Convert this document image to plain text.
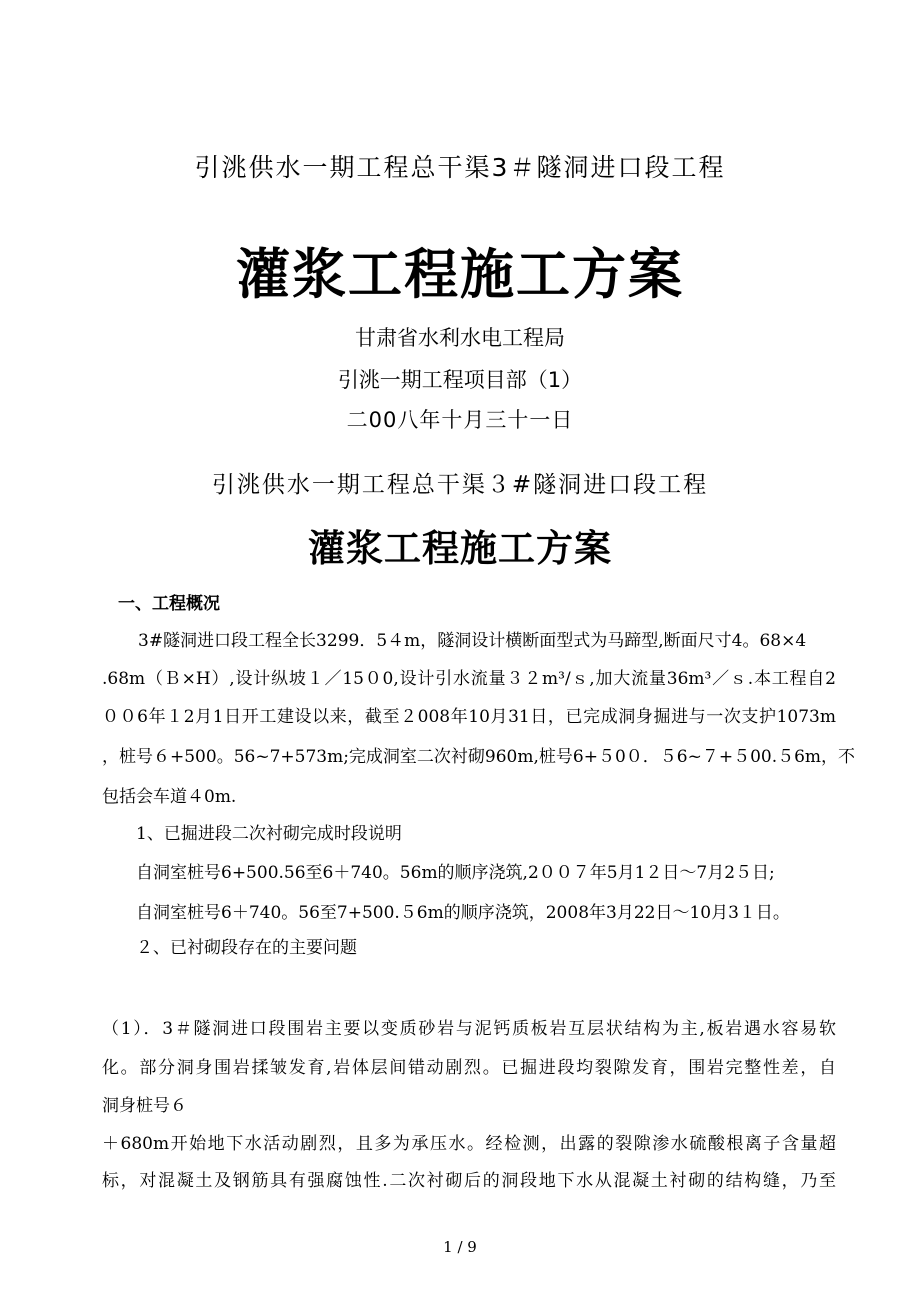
引洮供水一期工程总干渠3＃隧洞进口段工程
灌浆工程施工方案
甘肃省水利水电工程局
引洮一期工程项目部（1）
二00八年十月三十一日
引洮供水一期工程总干渠３#隧洞进口段工程
灌浆工程施工方案
一、工程概况
3#隧洞进口段工程全长3299．5４m，隧洞设计横断面型式为马蹄型,断面尺寸4。68×4
.68m（Ｂ×H）,设计纵坡１／15０0,设计引水流量３２m³/ｓ,加大流量36m³／ｓ.本工程自2
００6年１2月1日开工建设以来，截至２008年10月31日，已完成洞身掘进与一次支护1073m
，桩号６+500。56~7+573m;完成洞室二次衬砌960m,桩号6+５0０．５6~７+５00.５6m，不
包括会车道４0m.
1、已掘进段二次衬砌完成时段说明
自洞室桩号6+500.56至6＋740。56m的顺序浇筑,2００７年5月1２日～7月2５日;
自洞室桩号6＋740。56至7+500.５6m的顺序浇筑，2008年3月22日～10月3１日。
２、已衬砌段存在的主要问题
（1）．3＃隧洞进口段围岩主要以变质砂岩与泥钙质板岩互层状结构为主,板岩遇水容易软
化。部分洞身围岩揉皱发育,岩体层间错动剧烈。已掘进段均裂隙发育，围岩完整性差，自
洞身桩号６
＋680m开始地下水活动剧烈，且多为承压水。经检测，出露的裂隙渗水硫酸根离子含量超
标，对混凝土及钢筋具有强腐蚀性.二次衬砌后的洞段地下水从混凝土衬砌的结构缝，乃至
1 / 9
